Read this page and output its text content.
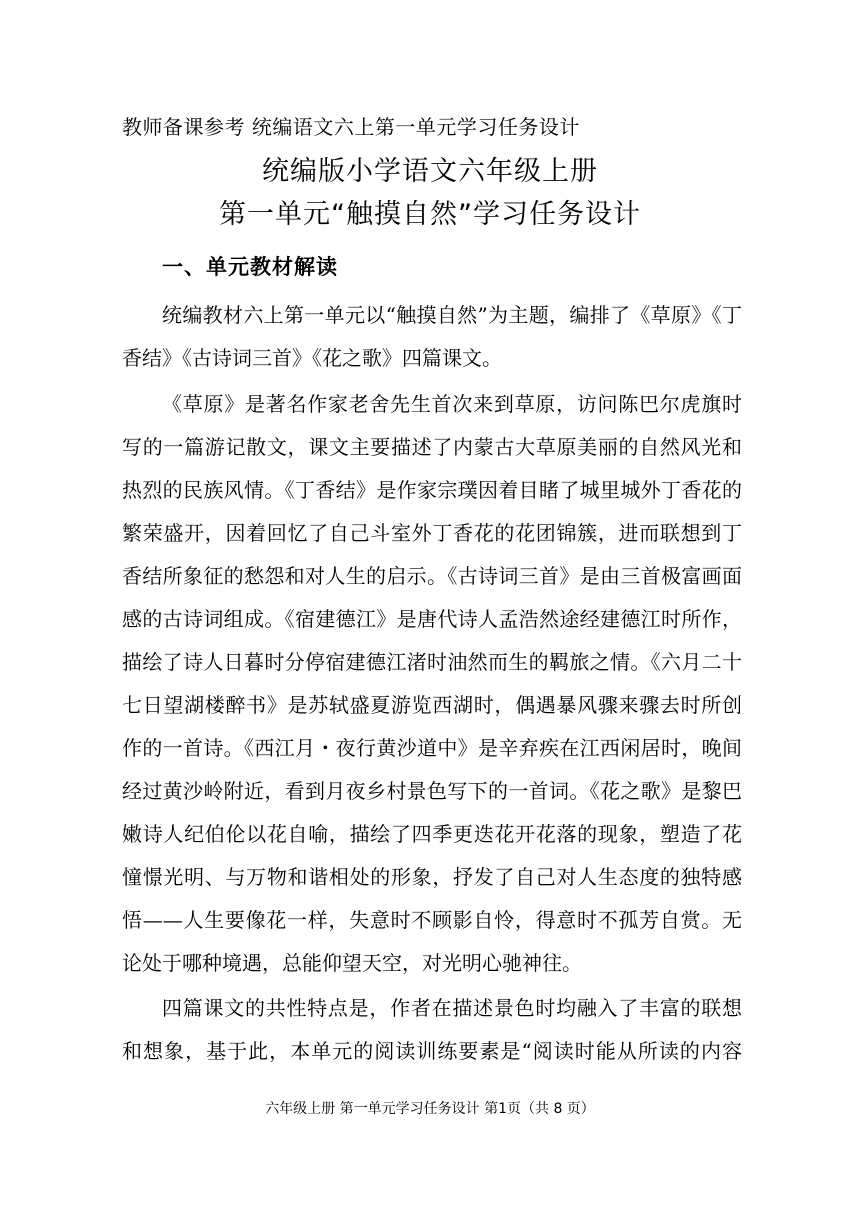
教师备课参考 统编语文六上第一单元学习任务设计
统编版小学语文六年级上册
第一单元“触摸自然”学习任务设计
一、单元教材解读
统编教材六上第一单元以“触摸自然”为主题，编排了《草原》《丁
香结》《古诗词三首》《花之歌》四篇课文。
《草原》是著名作家老舍先生首次来到草原，访问陈巴尔虎旗时
写的一篇游记散文，课文主要描述了内蒙古大草原美丽的自然风光和
热烈的民族风情。《丁香结》是作家宗璞因着目睹了城里城外丁香花的
繁荣盛开，因着回忆了自己斗室外丁香花的花团锦簇，进而联想到丁
香结所象征的愁怨和对人生的启示。《古诗词三首》是由三首极富画面
感的古诗词组成。《宿建德江》是唐代诗人孟浩然途经建德江时所作，
描绘了诗人日暮时分停宿建德江渚时油然而生的羁旅之情。《六月二十
七日望湖楼醉书》是苏轼盛夏游览西湖时，偶遇暴风骤来骤去时所创
作的一首诗。《西江月・夜行黄沙道中》是辛弃疾在江西闲居时，晚间
经过黄沙岭附近，看到月夜乡村景色写下的一首词。《花之歌》是黎巴
嫩诗人纪伯伦以花自喻，描绘了四季更迭花开花落的现象，塑造了花
憧憬光明、与万物和谐相处的形象，抒发了自己对人生态度的独特感
悟——人生要像花一样，失意时不顾影自怜，得意时不孤芳自赏。无
论处于哪种境遇，总能仰望天空，对光明心驰神往。
四篇课文的共性特点是，作者在描述景色时均融入了丰富的联想
和想象，基于此，本单元的阅读训练要素是“阅读时能从所读的内容
六年级上册 第一单元学习任务设计 第1页（共 8 页）
